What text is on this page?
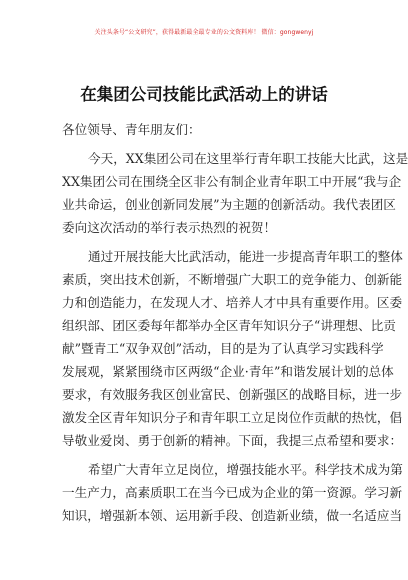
关注头条号“公文研究”，获得最新最全最专业的公文资料库！ 微信：gongwenyj
在集团公司技能比武活动上的讲话
各位领导、青年朋友们：
今天，XX集团公司在这里举行青年职工技能大比武，这是
XX集团公司在围绕全区非公有制企业青年职工中开展“我与企
业共命运，创业创新同发展”为主题的创新活动。我代表团区
委向这次活动的举行表示热烈的祝贺！
通过开展技能大比武活动，能进一步提高青年职工的整体
素质，突出技术创新，不断增强广大职工的竞争能力、创新能
力和创造能力，在发现人才、培养人才中具有重要作用。区委
组织部、团区委每年都举办全区青年知识分子“讲理想、比贡
献”暨青工“双争双创”活动，目的是为了认真学习实践科学
发展观，紧紧围绕市区两级“企业·青年”和谐发展计划的总体
要求，有效服务我区创业富民、创新强区的战略目标，进一步
激发全区青年知识分子和青年职工立足岗位作贡献的热忱，倡
导敬业爱岗、勇于创新的精神。下面，我提三点希望和要求：
希望广大青年立足岗位，增强技能水平。科学技术成为第
一生产力，高素质职工在当今已成为企业的第一资源。学习新
知识，增强新本领、运用新手段、创造新业绩，做一名适应当
